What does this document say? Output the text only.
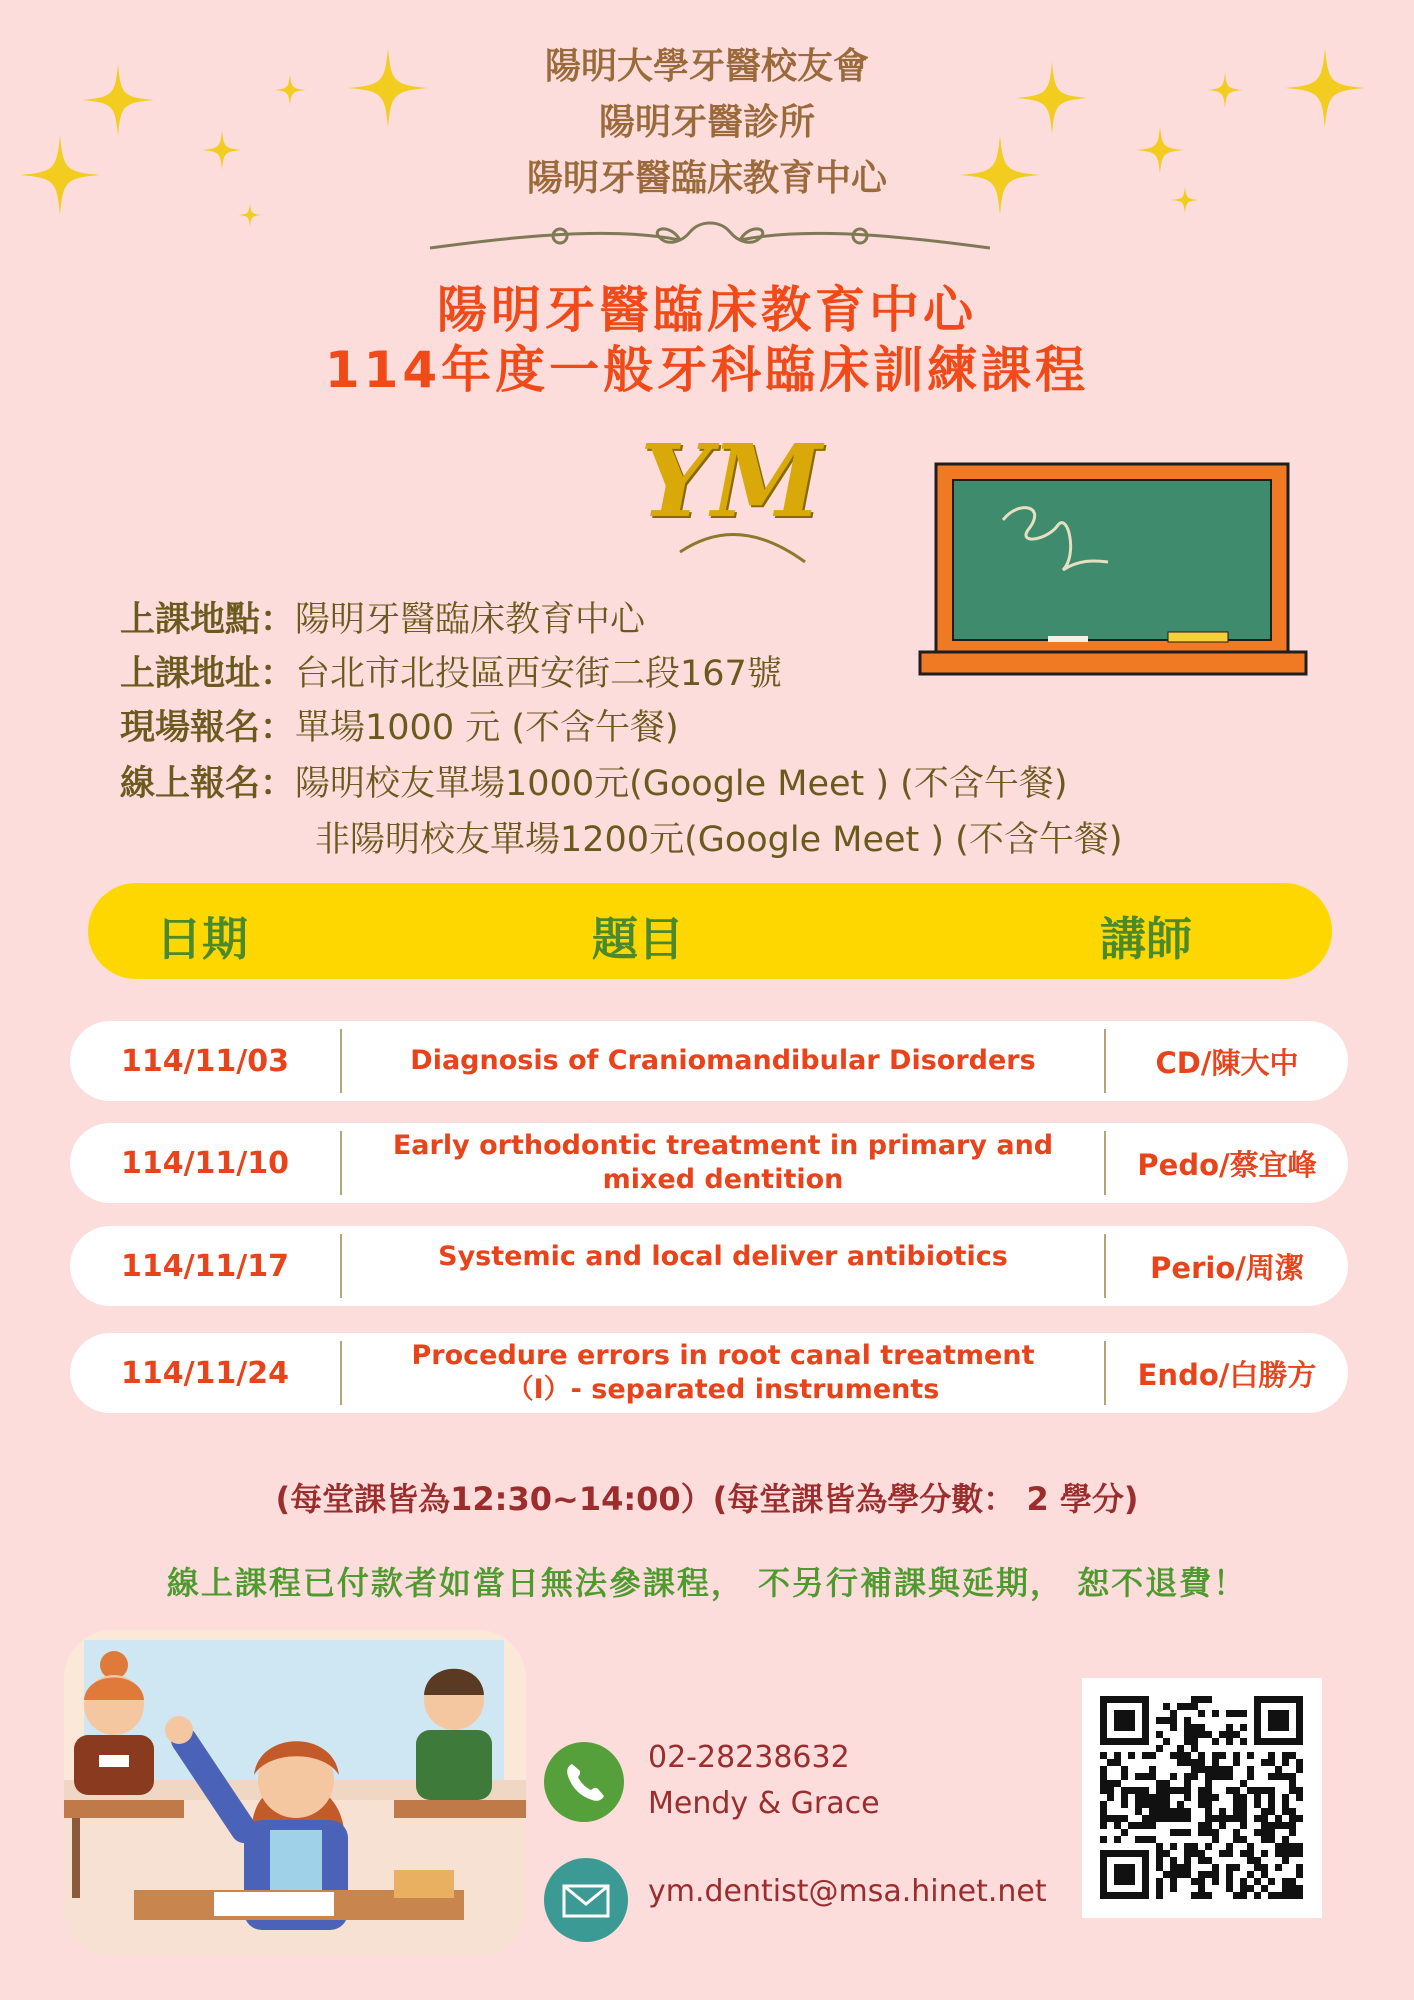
陽明大學牙醫校友會
陽明牙醫診所
陽明牙醫臨床教育中心
陽明牙醫臨床教育中心
114年度一般牙科臨床訓練課程
YM
上課地點：陽明牙醫臨床教育中心
上課地址：台北市北投區西安街二段167號
現場報名：單場1000 元 (不含午餐)
線上報名：陽明校友單場1000元(Google Meet ) (不含午餐)
非陽明校友單場1200元(Google Meet ) (不含午餐)
日期	題目	講師
114/11/03	Diagnosis of Craniomandibular Disorders	CD/陳大中
114/11/10	Early orthodontic treatment in primary and mixed dentition	Pedo/蔡宜峰
114/11/17	Systemic and local deliver antibiotics	Perio/周潔
114/11/24	Procedure errors in root canal treatment （Ⅰ）- separated instruments	Endo/白勝方
(每堂課皆為12:30~14:00）(每堂課皆為學分數： 2 學分)
線上課程已付款者如當日無法參課程， 不另行補課與延期， 恕不退費！
02-28238632
Mendy & Grace
ym.dentist@msa.hinet.net
